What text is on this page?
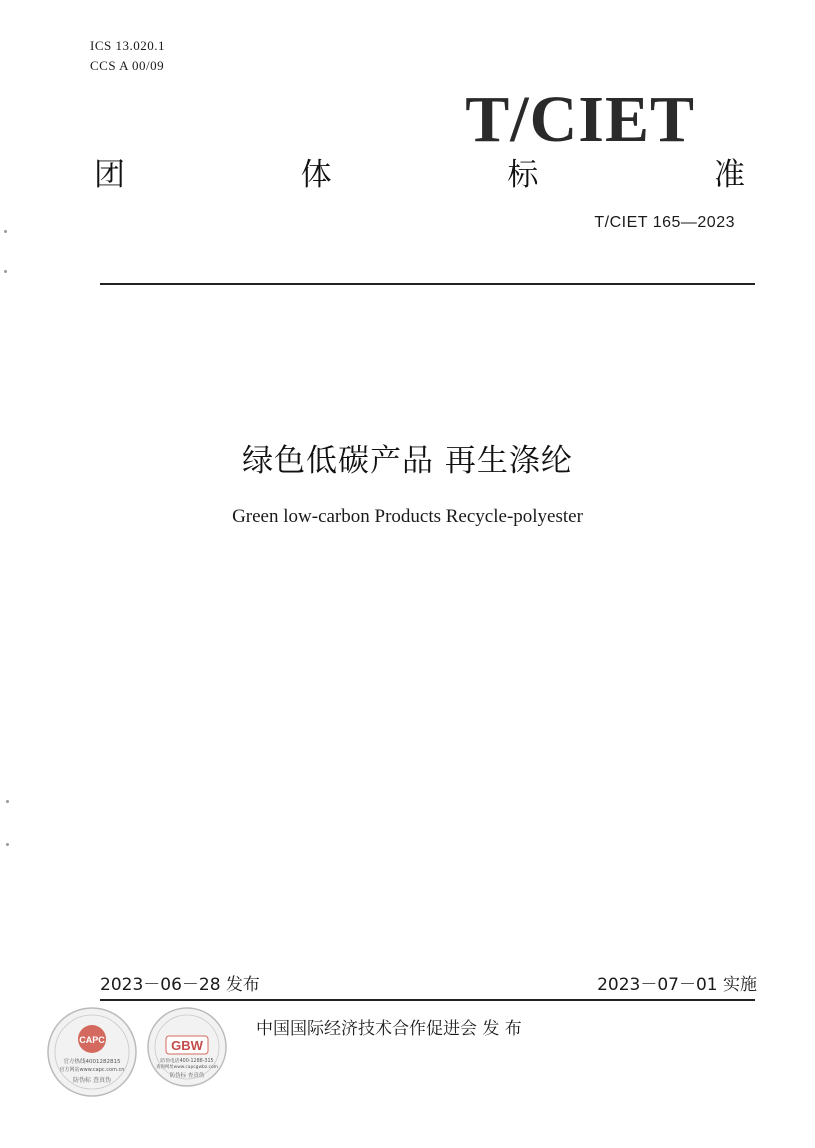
ICS 13.020.1
CCS A 00/09
T/CIET
团	体	标	准
T/CIET 165—2023
绿色低碳产品 再生涤纶
Green low-carbon Products Recycle-polyester
2023－06－28 发布	2023－07－01 实施
中国国际经济技术合作促进会 发 布
CAPC
官方热线4001282815
官方网站www.capc.com.cn
防伪标 查真伪
GBW
防伪电话400-1288-315
查询网址www.capcgwbz.com
防伪标 查真伪
